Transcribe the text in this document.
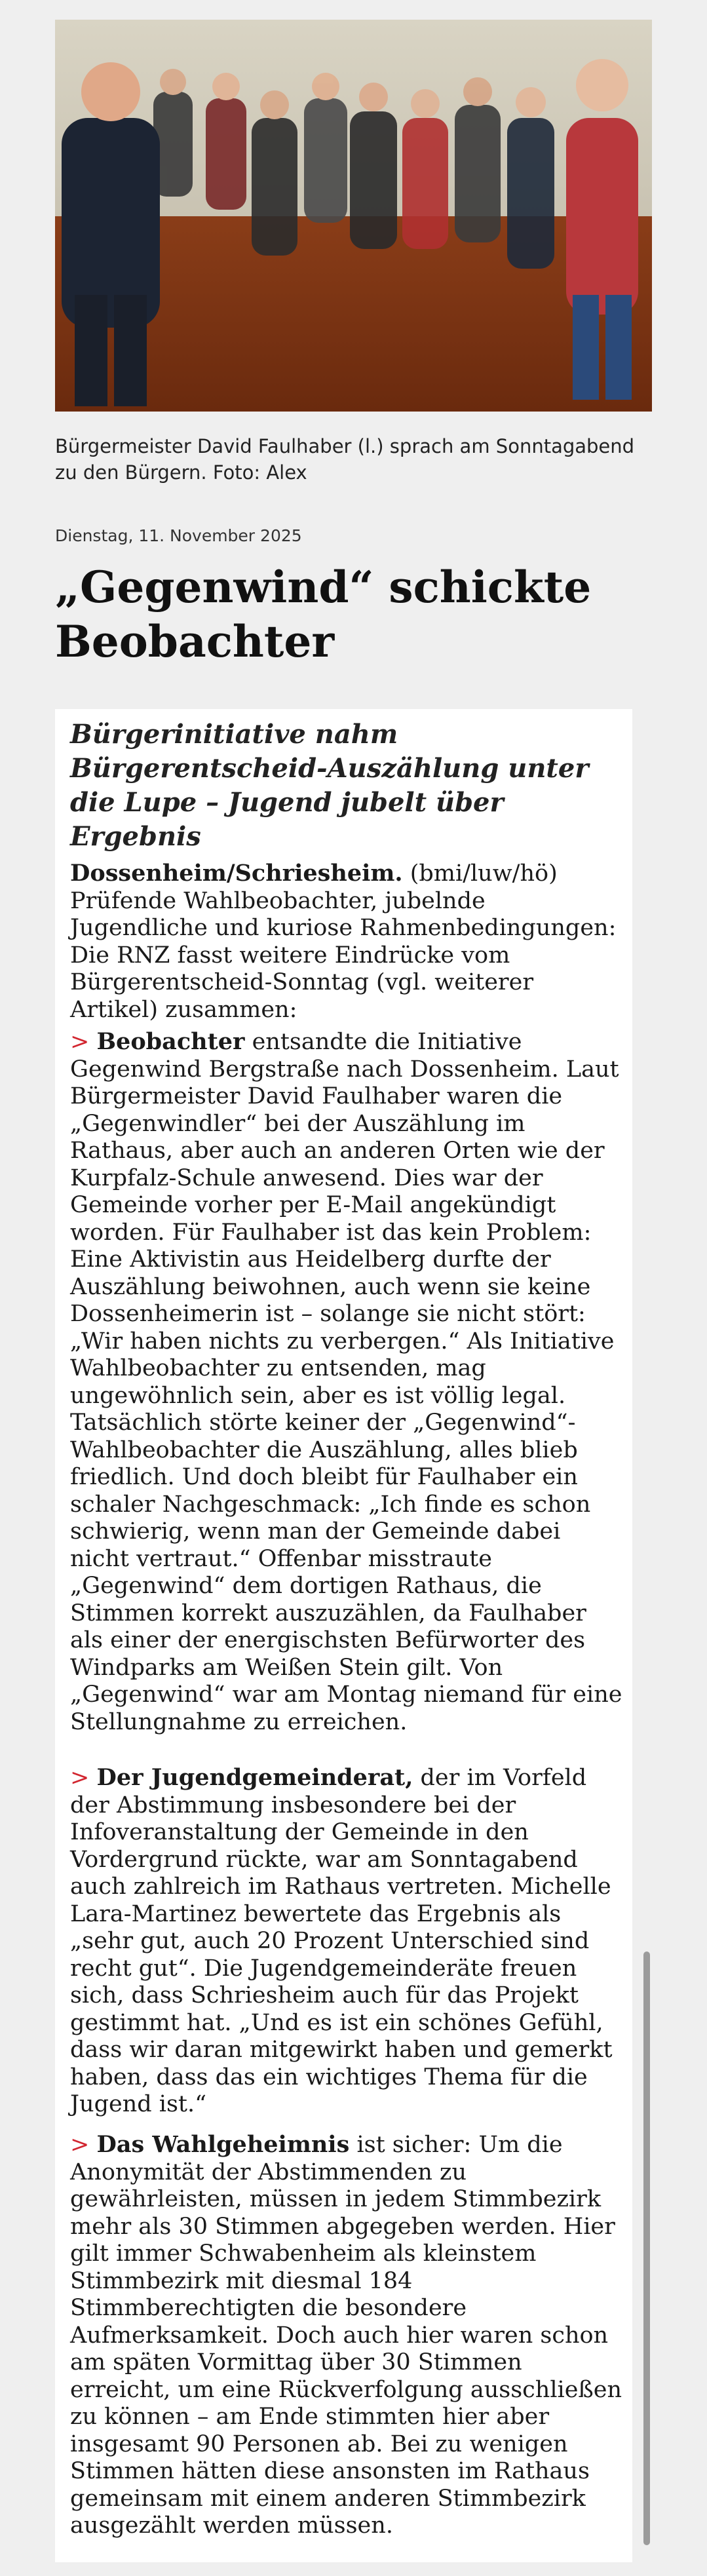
Bürgermeister David Faulhaber (l.) sprach am Sonntagabend zu den Bürgern. Foto: Alex
Dienstag, 11. November 2025
„Gegenwind“ schickte Beobachter
Bürgerinitiative nahm Bürgerentscheid-Auszählung unter die Lupe – Jugend jubelt über Ergebnis

Dossenheim/Schriesheim. (bmi/luw/hö) Prüfende Wahlbeobachter, jubelnde Jugendliche und kuriose Rahmenbedingungen: Die RNZ fasst weitere Eindrücke vom Bürgerentscheid-Sonntag (vgl. weiterer Artikel) zusammen:

> Beobachter entsandte die Initiative Gegenwind Bergstraße nach Dossenheim. Laut Bürgermeister David Faulhaber waren die „Gegenwindler“ bei der Auszählung im Rathaus, aber auch an anderen Orten wie der Kurpfalz-Schule anwesend. Dies war der Gemeinde vorher per E-Mail angekündigt worden. Für Faulhaber ist das kein Problem: Eine Aktivistin aus Heidelberg durfte der Auszählung beiwohnen, auch wenn sie keine Dossenheimerin ist – solange sie nicht stört: „Wir haben nichts zu verbergen.“ Als Initiative Wahlbeobachter zu entsenden, mag ungewöhnlich sein, aber es ist völlig legal. Tatsächlich störte keiner der „Gegenwind“-Wahlbeobachter die Auszählung, alles blieb friedlich. Und doch bleibt für Faulhaber ein schaler Nachgeschmack: „Ich finde es schon schwierig, wenn man der Gemeinde dabei nicht vertraut.“ Offenbar misstraute „Gegenwind“ dem dortigen Rathaus, die Stimmen korrekt auszuzählen, da Faulhaber als einer der energischsten Befürworter des Windparks am Weißen Stein gilt. Von „Gegenwind“ war am Montag niemand für eine Stellungnahme zu erreichen.

> Der Jugendgemeinderat, der im Vorfeld der Abstimmung insbesondere bei der Infoveranstaltung der Gemeinde in den Vordergrund rückte, war am Sonntagabend auch zahlreich im Rathaus vertreten. Michelle Lara-Martinez bewertete das Ergebnis als „sehr gut, auch 20 Prozent Unterschied sind recht gut“. Die Jugendgemeinderäte freuen sich, dass Schriesheim auch für das Projekt gestimmt hat. „Und es ist ein schönes Gefühl, dass wir daran mitgewirkt haben und gemerkt haben, dass das ein wichtiges Thema für die Jugend ist.“

> Das Wahlgeheimnis ist sicher: Um die Anonymität der Abstimmenden zu gewährleisten, müssen in jedem Stimmbezirk mehr als 30 Stimmen abgegeben werden. Hier gilt immer Schwabenheim als kleinstem Stimmbezirk mit diesmal 184 Stimmberechtigten die besondere Aufmerksamkeit. Doch auch hier waren schon am späten Vormittag über 30 Stimmen erreicht, um eine Rückverfolgung ausschließen zu können – am Ende stimmten hier aber insgesamt 90 Personen ab. Bei zu wenigen Stimmen hätten diese ansonsten im Rathaus gemeinsam mit einem anderen Stimmbezirk ausgezählt werden müssen.
